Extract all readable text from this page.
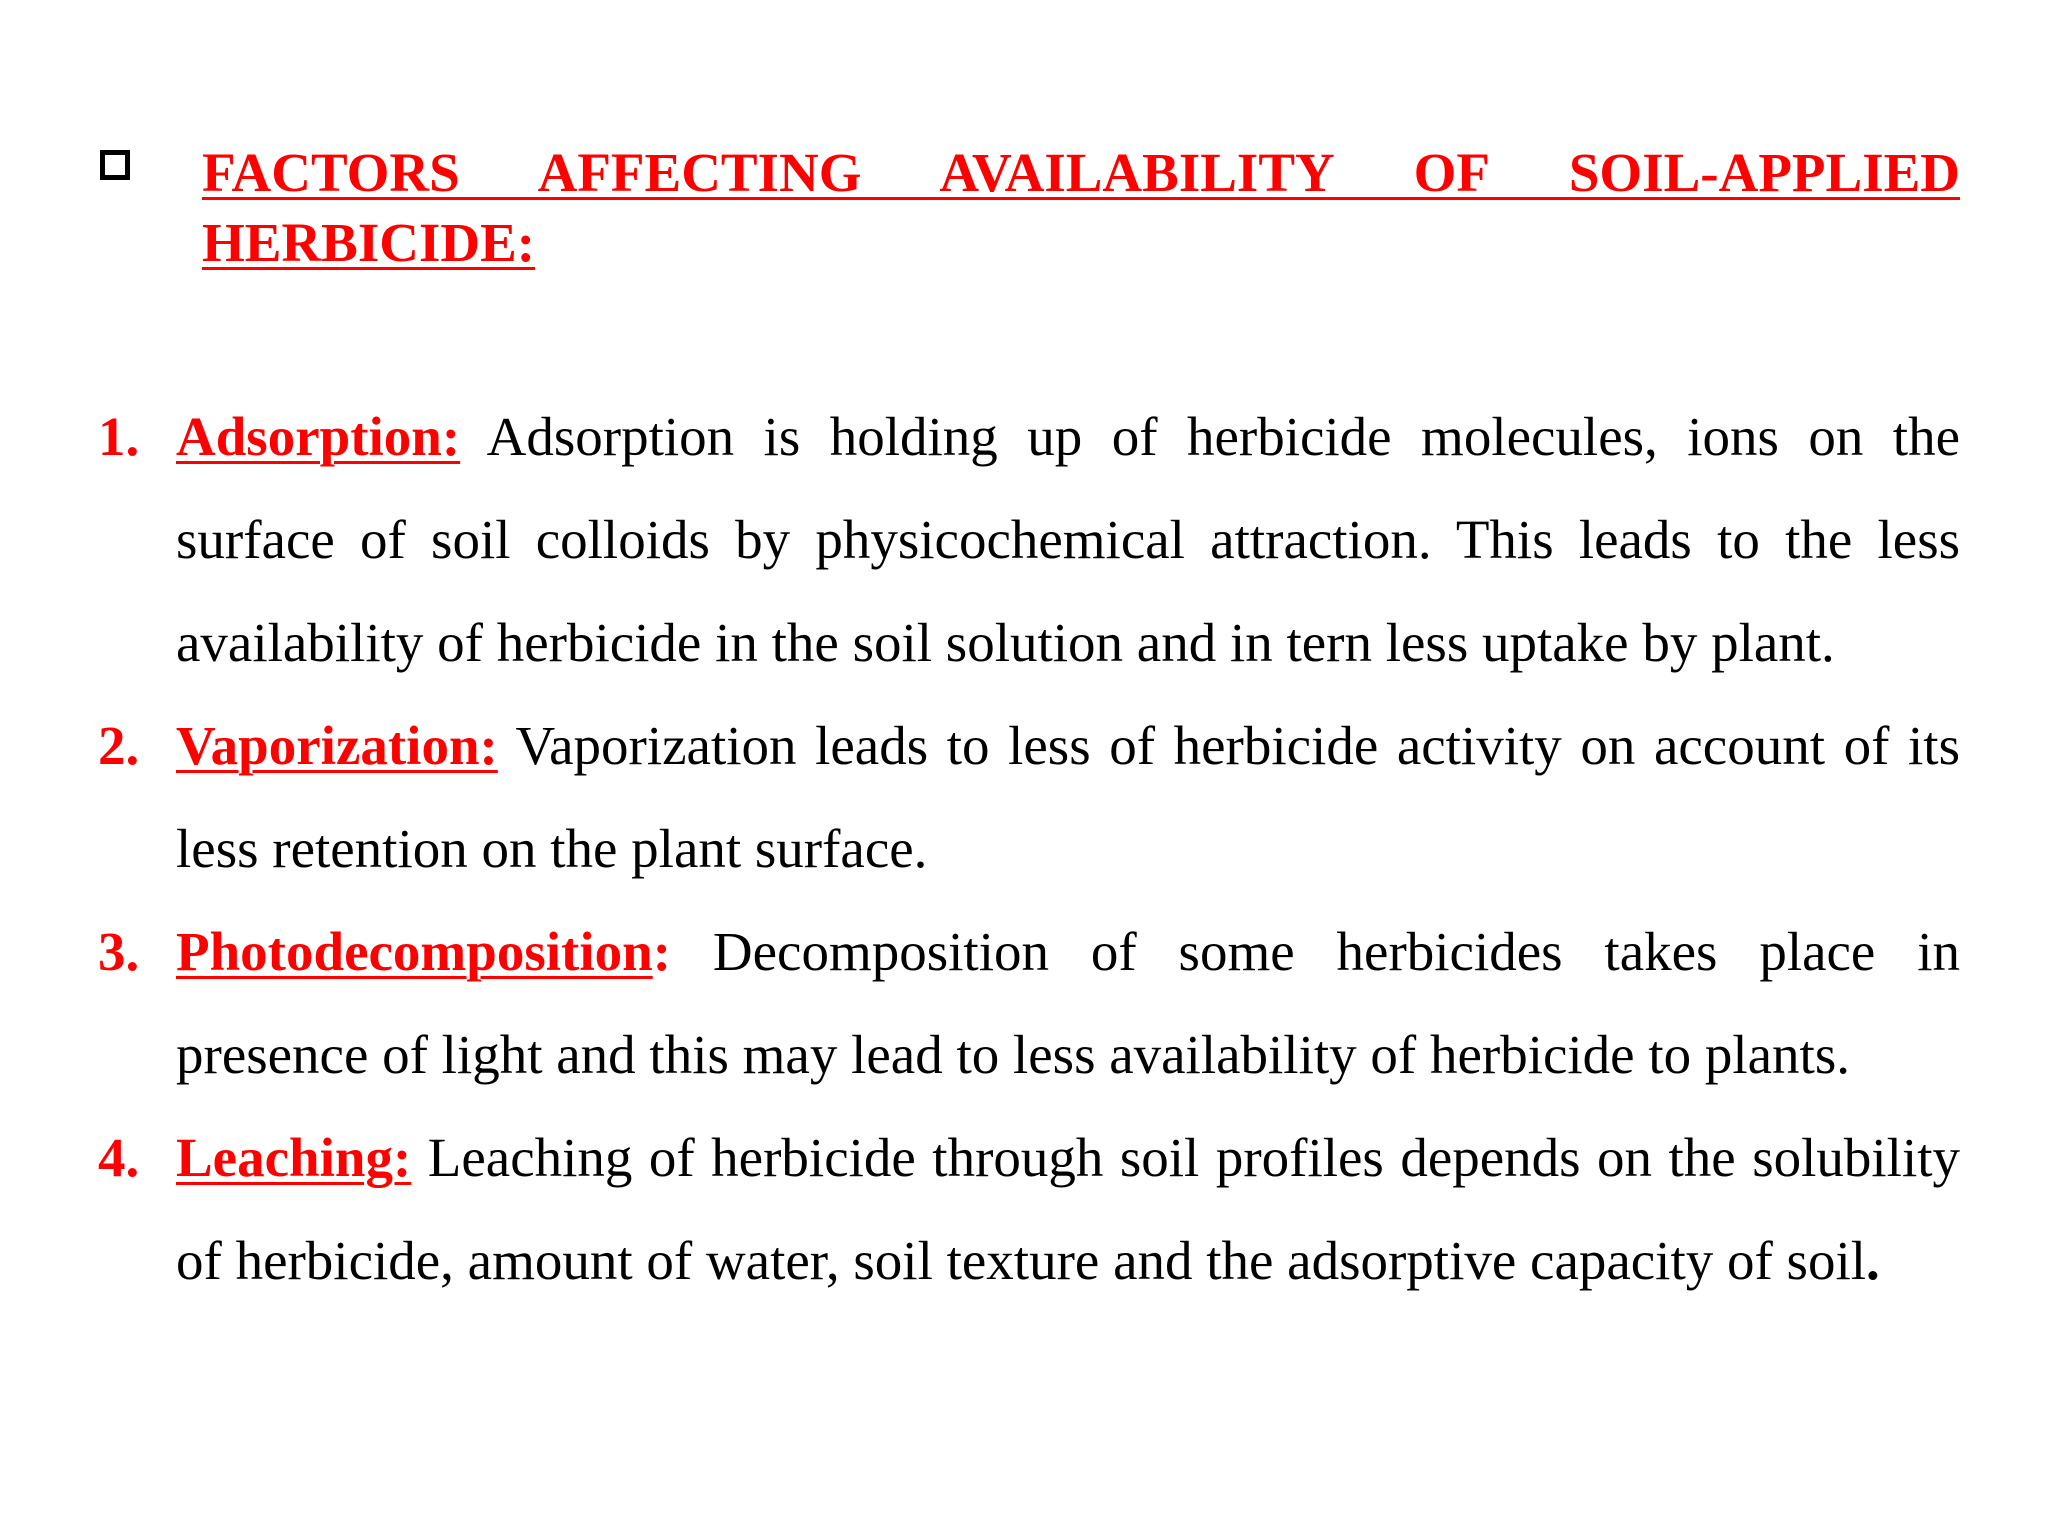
FACTORS AFFECTING AVAILABILITY OF SOIL-APPLIED HERBICIDE:
1. Adsorption: Adsorption is holding up of herbicide molecules, ions on the surface of soil colloids by physicochemical attraction. This leads to the less availability of herbicide in the soil solution and in tern less uptake by plant.
2. Vaporization: Vaporization leads to less of herbicide activity on account of its less retention on the plant surface.
3. Photodecomposition: Decomposition of some herbicides takes place in presence of light and this may lead to less availability of herbicide to plants.
4. Leaching: Leaching of herbicide through soil profiles depends on the solubility of herbicide, amount of water, soil texture and the adsorptive capacity of soil.
